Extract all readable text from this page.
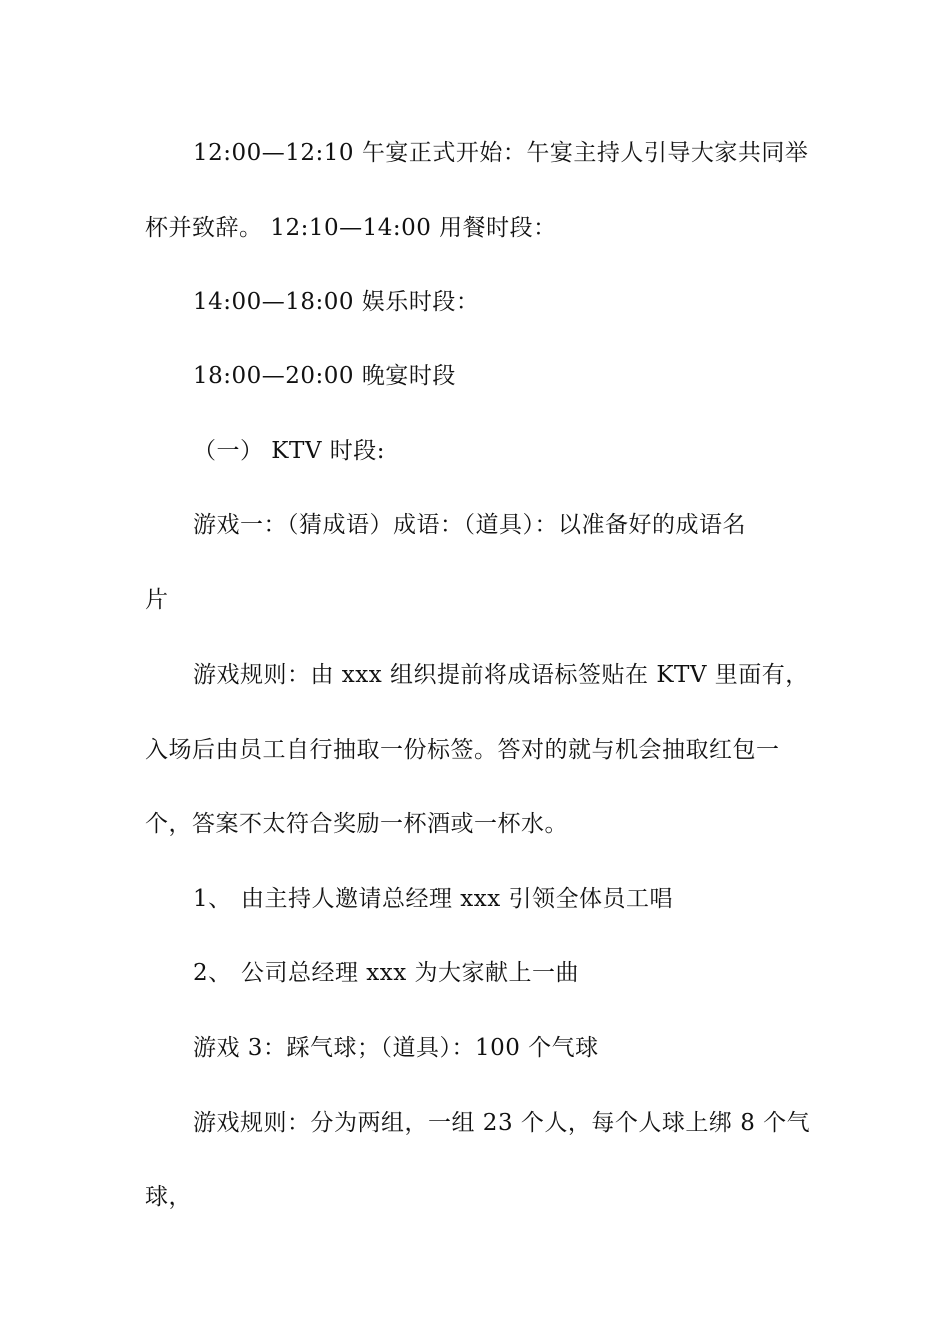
12:00—12:10 午宴正式开始：午宴主持人引导大家共同举
杯并致辞。 12:10—14:00 用餐时段：
14:00—18:00 娱乐时段：
18:00—20:00 晚宴时段
（一） KTV 时段:
游戏一：（猜成语）成语：（道具）：以准备好的成语名
片
游戏规则：由 xxx 组织提前将成语标签贴在 KTV 里面有，
入场后由员工自行抽取一份标签。答对的就与机会抽取红包一
个，答案不太符合奖励一杯酒或一杯水。
1、 由主持人邀请总经理 xxx 引领全体员工唱
2、 公司总经理 xxx 为大家献上一曲
游戏 3：踩气球；（道具）：100 个气球
游戏规则：分为两组，一组 23 个人，每个人球上绑 8 个气
球，
